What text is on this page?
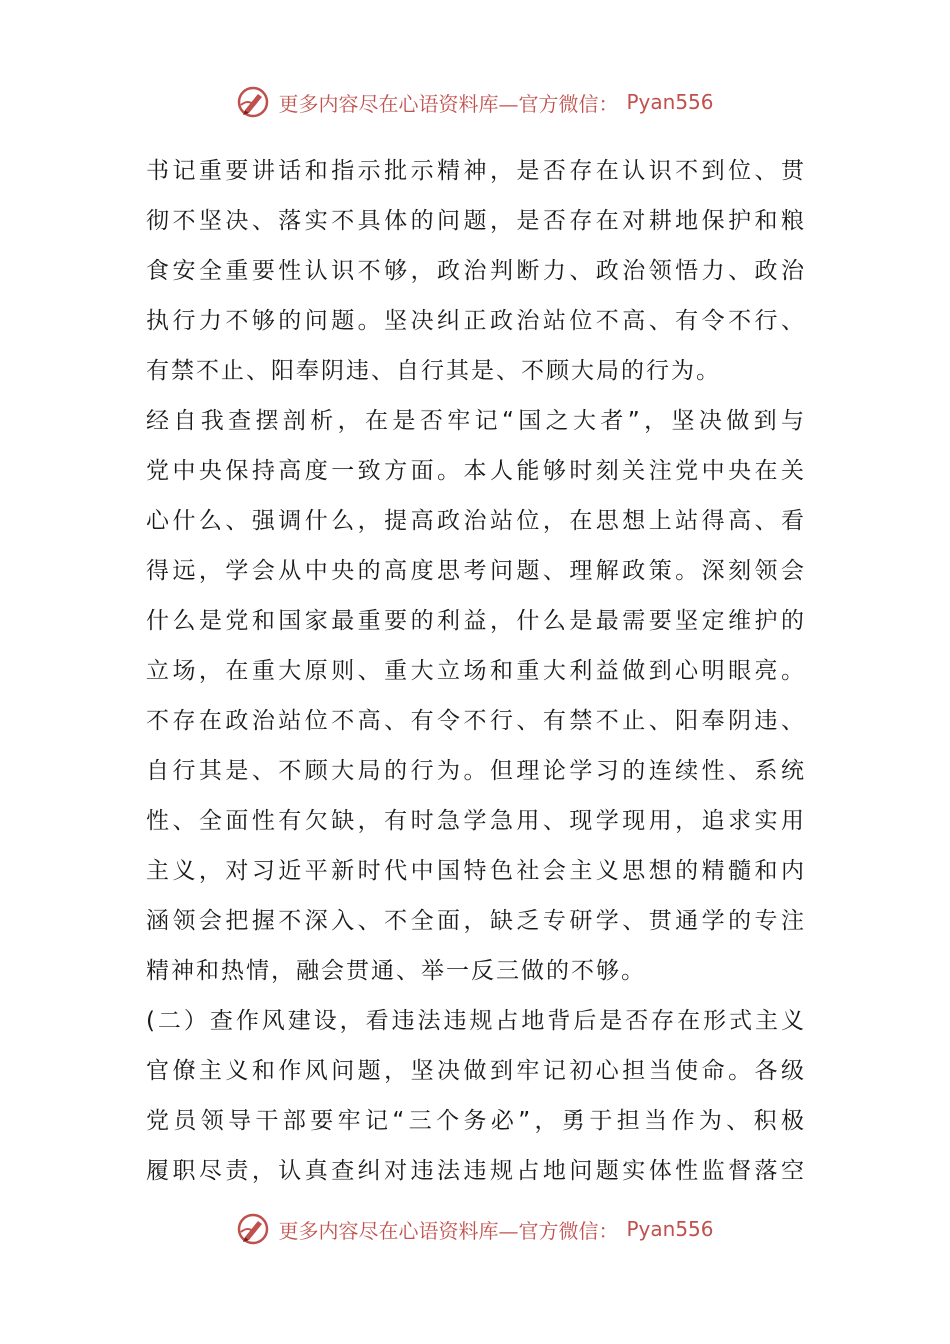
更多内容尽在心语资料库—官方微信： Pyan556
书记重要讲话和指示批示精神，是否存在认识不到位、贯
彻不坚决、落实不具体的问题，是否存在对耕地保护和粮
食安全重要性认识不够，政治判断力、政治领悟力、政治
执行力不够的问题。坚决纠正政治站位不高、有令不行、
有禁不止、阳奉阴违、自行其是、不顾大局的行为。
经自我查摆剖析，在是否牢记“国之大者”，坚决做到与
党中央保持高度一致方面。本人能够时刻关注党中央在关
心什么、强调什么，提高政治站位，在思想上站得高、看
得远，学会从中央的高度思考问题、理解政策。深刻领会
什么是党和国家最重要的利益，什么是最需要坚定维护的
立场，在重大原则、重大立场和重大利益做到心明眼亮。
不存在政治站位不高、有令不行、有禁不止、阳奉阴违、
自行其是、不顾大局的行为。但理论学习的连续性、系统
性、全面性有欠缺，有时急学急用、现学现用，追求实用
主义，对习近平新时代中国特色社会主义思想的精髓和内
涵领会把握不深入、不全面，缺乏专研学、贯通学的专注
精神和热情，融会贯通、举一反三做的不够。
(二）查作风建设，看违法违规占地背后是否存在形式主义
官僚主义和作风问题，坚决做到牢记初心担当使命。各级
党员领导干部要牢记“三个务必”，勇于担当作为、积极
履职尽责，认真查纠对违法违规占地问题实体性监督落空
更多内容尽在心语资料库—官方微信： Pyan556
